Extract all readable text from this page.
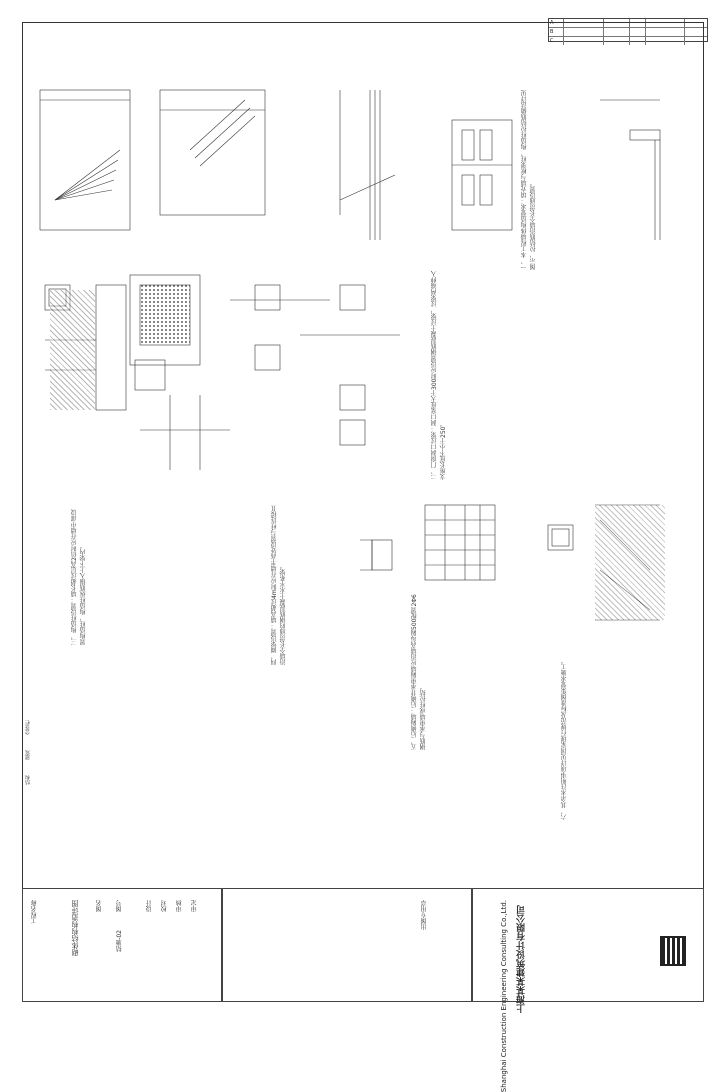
A
B
C
一、本工程墙体构造要求：填充墙与框架柱、构造柱拉结筋做法详见图示，拉结筋沿墙全长贯通设置。
二、门窗洞口过梁：洞口宽度大于300时应设置钢筋混凝土过梁，过梁两端伸入支座长度不小于250。
三、构造柱设置：墙长超过层高2倍时应在墙中部设置构造柱，构造柱纵筋锚入上下梁内。	四、圈梁设置：墙高超过4m时应在墙半高处设置与柱连接且沿墙全长贯通的钢筋混凝土水平系梁。	五、后砌隔墙：后砌非承重隔墙应沿墙高每隔500配置2Φ6钢筋与承重墙或柱拉结。	六、其余未注明事项详见国家现行规范及标准图集要求施工。
会签栏
建筑
结构
工程名称	砌体结构构造详图	图名 图号
结施-02
设计 校对 审核 审定	出图专用章	上海某某建筑设计有限公司
Shanghai Construction Engineering Consulting Co.,Ltd.
